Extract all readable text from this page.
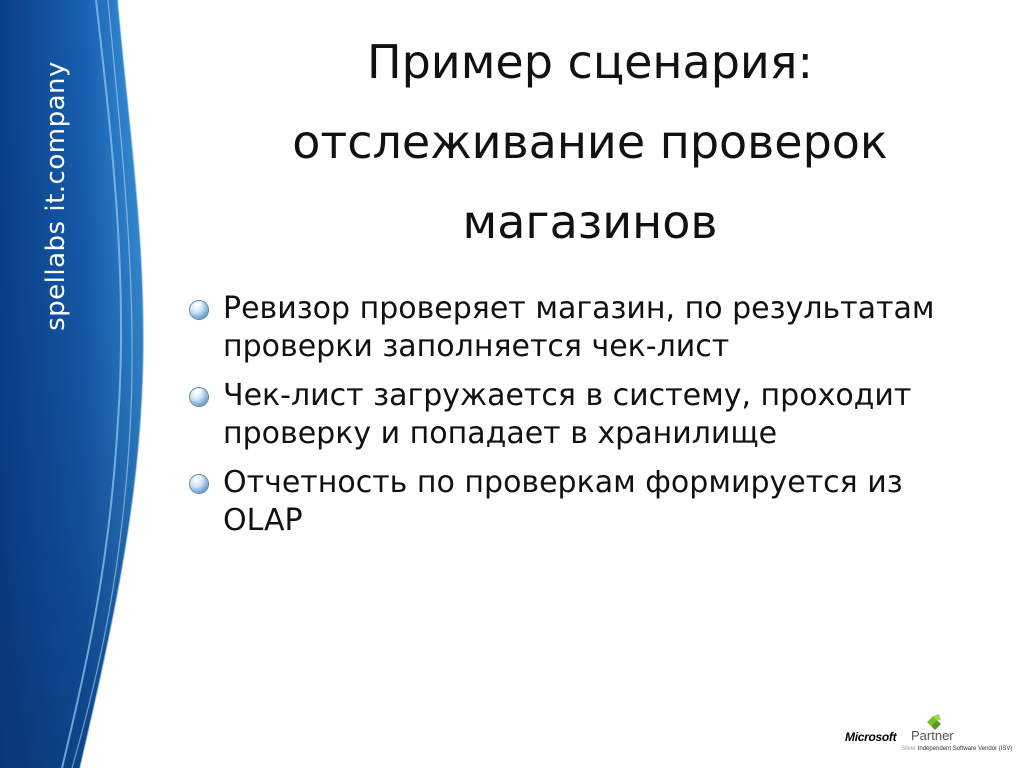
spellabs it.company	Пример сценария:
отслеживание проверок
магазинов
Ревизор проверяет магазин, по результатам проверки заполняется чек-лист
Чек-лист загружается в систему, проходит проверку и попадает в хранилище
Отчетность по проверкам формируется из OLAP
Microsoft Partner
Silver Independent Software Vendor (ISV)
